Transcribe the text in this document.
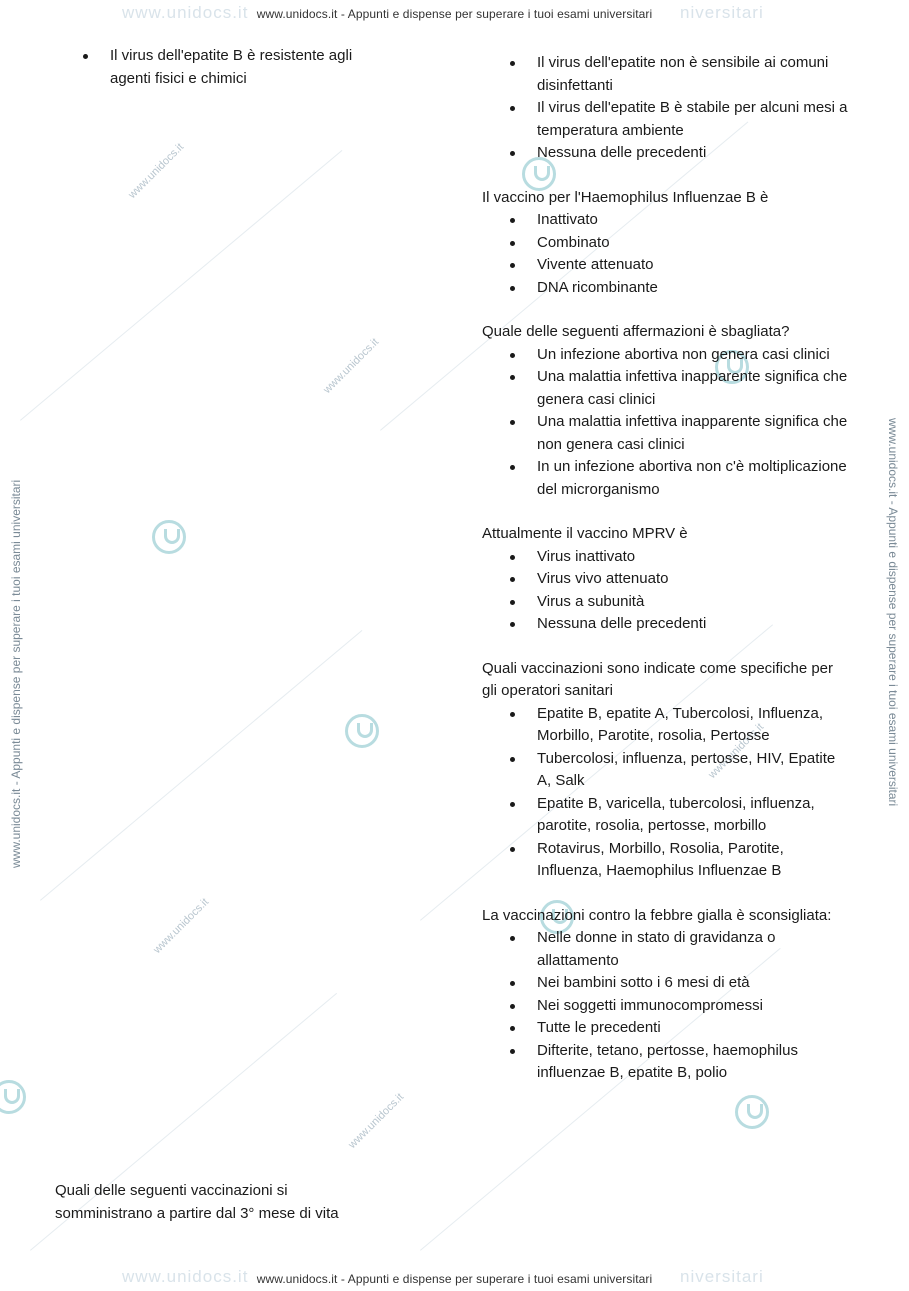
www.unidocs.it
www.unidocs.it
www.unidocs.it
www.unidocs.it
www.unidocs.it
www.unidocs.it	niversitari
www.unidocs.it	niversitari
www.unidocs.it - Appunti e dispense per superare i tuoi esami universitari
www.unidocs.it - Appunti e dispense per superare i tuoi esami universitari
www.unidocs.it - Appunti e dispense per superare i tuoi esami universitari	www.unidocs.it - Appunti e dispense per superare i tuoi esami universitari
Il virus dell'epatite B è resistente agli agenti fisici e chimici
Quali delle seguenti vaccinazioni si somministrano a partire dal 3° mese di vita
Il virus dell'epatite non è sensibile ai comuni disinfettanti
Il virus dell'epatite B è stabile per alcuni mesi a temperatura ambiente
Nessuna delle precedenti

Il vaccino per l'Haemophilus Influenzae B è

Inattivato
Combinato
Vivente attenuato
DNA ricombinante

Quale delle seguenti affermazioni è sbagliata?

Un infezione abortiva non genera casi clinici
Una malattia infettiva inapparente significa che genera casi clinici
Una malattia infettiva inapparente significa che non genera casi clinici
In un infezione abortiva non c'è moltiplicazione del microrganismo

Attualmente il vaccino MPRV è

Virus inattivato
Virus vivo attenuato
Virus a subunità
Nessuna delle precedenti

Quali vaccinazioni sono indicate come specifiche per gli operatori sanitari

Epatite B, epatite A, Tubercolosi, Influenza, Morbillo, Parotite, rosolia, Pertosse
Tubercolosi, influenza, pertosse, HIV, Epatite A, Salk
Epatite B, varicella, tubercolosi, influenza, parotite, rosolia, pertosse, morbillo
Rotavirus, Morbillo, Rosolia, Parotite, Influenza, Haemophilus Influenzae B

La vaccinazioni contro la febbre gialla è sconsigliata:

Nelle donne in stato di gravidanza o allattamento
Nei bambini sotto i 6 mesi di età
Nei soggetti immunocompromessi
Tutte le precedenti
Difterite, tetano, pertosse, haemophilus influenzae B, epatite B, polio
